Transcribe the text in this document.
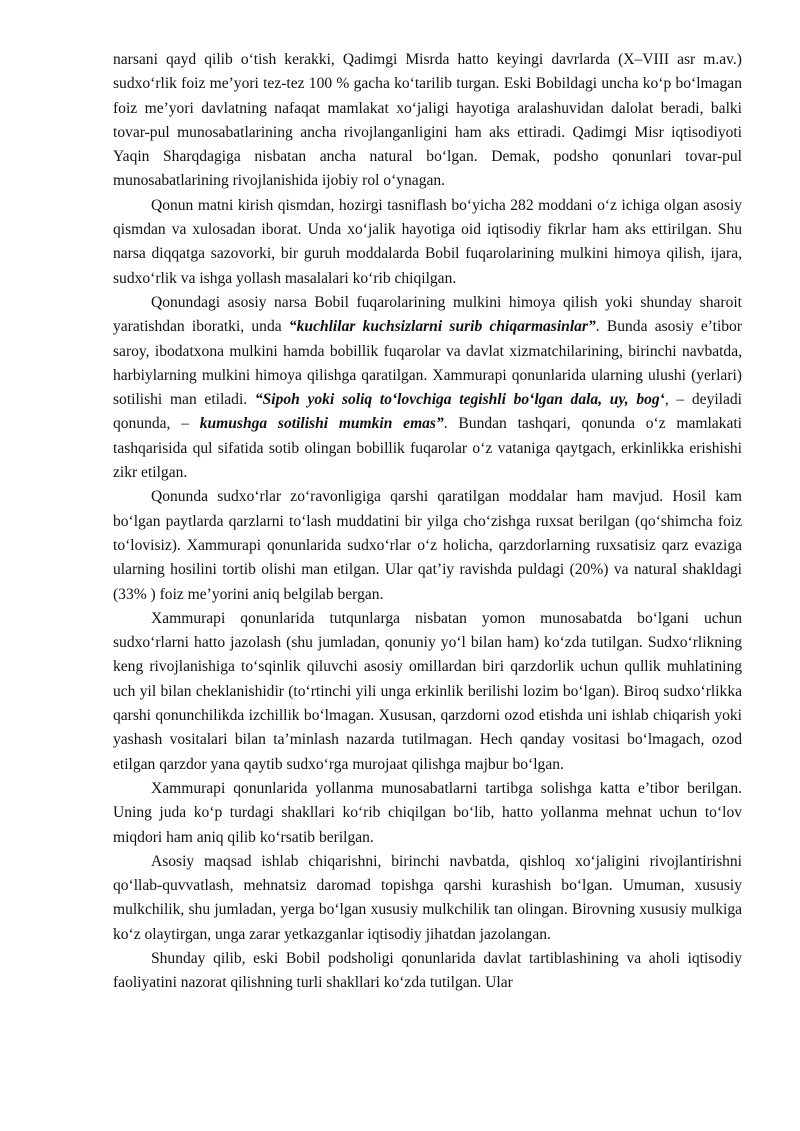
narsani qayd qilib o‘tish kerakki, Qadimgi Misrda hatto keyingi davrlarda (X–VIII asr m.av.) sudxo‘rlik foiz me’yori tez-tez 100 % gacha ko‘tarilib turgan. Eski Bobildagi uncha ko‘p bo‘lmagan foiz me’yori davlatning nafaqat mamlakat xo‘jaligi hayotiga aralashuvidan dalolat beradi, balki tovar-pul munosabatlarining ancha rivojlanganligini ham aks ettiradi. Qadimgi Misr iqtisodiyoti Yaqin Sharqdagiga nisbatan ancha natural bo‘lgan. Demak, podsho qonunlari tovar-pul munosabatlarining rivojlanishida ijobiy rol o‘ynagan.

Qonun matni kirish qismdan, hozirgi tasniflash bo‘yicha 282 moddani o‘z ichiga olgan asosiy qismdan va xulosadan iborat. Unda xo‘jalik hayotiga oid iqtisodiy fikrlar ham aks ettirilgan. Shu narsa diqqatga sazovorki, bir guruh moddalarda Bobil fuqarolarining mulkini himoya qilish, ijara, sudxo‘rlik va ishga yollash masalalari ko‘rib chiqilgan.

Qonundagi asosiy narsa Bobil fuqarolarining mulkini himoya qilish yoki shunday sharoit yaratishdan iboratki, unda “kuchlilar kuchsizlarni surib chiqarmasinlar”. Bunda asosiy e’tibor saroy, ibodatxona mulkini hamda bobillik fuqarolar va davlat xizmatchilarining, birinchi navbatda, harbiylarning mulkini himoya qilishga qaratilgan. Xammurapi qonunlarida ularning ulushi (yerlari) sotilishi man etiladi. “Sipoh yoki soliq to‘lovchiga tegishli bo‘lgan dala, uy, bog‘, – deyiladi qonunda, – kumushga sotilishi mumkin emas”. Bundan tashqari, qonunda o‘z mamlakati tashqarisida qul sifatida sotib olingan bobillik fuqarolar o‘z vataniga qaytgach, erkinlikka erishishi zikr etilgan.

Qonunda sudxo‘rlar zo‘ravonligiga qarshi qaratilgan moddalar ham mavjud. Hosil kam bo‘lgan paytlarda qarzlarni to‘lash muddatini bir yilga cho‘zishga ruxsat berilgan (qo‘shimcha foiz to‘lovisiz). Xammurapi qonunlarida sudxo‘rlar o‘z holicha, qarzdorlarning ruxsatisiz qarz evaziga ularning hosilini tortib olishi man etilgan. Ular qat’iy ravishda puldagi (20%) va natural shakldagi (33% ) foiz me’yorini aniq belgilab bergan.

Xammurapi qonunlarida tutqunlarga nisbatan yomon munosabatda bo‘lgani uchun sudxo‘rlarni hatto jazolash (shu jumladan, qonuniy yo‘l bilan ham) ko‘zda tutilgan. Sudxo‘rlikning keng rivojlanishiga to‘sqinlik qiluvchi asosiy omillardan biri qarzdorlik uchun qullik muhlatining uch yil bilan cheklanishidir (to‘rtinchi yili unga erkinlik berilishi lozim bo‘lgan). Biroq sudxo‘rlikka qarshi qonunchilikda izchillik bo‘lmagan. Xususan, qarzdorni ozod etishda uni ishlab chiqarish yoki yashash vositalari bilan ta’minlash nazarda tutilmagan. Hech qanday vositasi bo‘lmagach, ozod etilgan qarzdor yana qaytib sudxo‘rga murojaat qilishga majbur bo‘lgan.

Xammurapi qonunlarida yollanma munosabatlarni tartibga solishga katta e’tibor berilgan. Uning juda ko‘p turdagi shakllari ko‘rib chiqilgan bo‘lib, hatto yollanma mehnat uchun to‘lov miqdori ham aniq qilib ko‘rsatib berilgan.

Asosiy maqsad ishlab chiqarishni, birinchi navbatda, qishloq xo‘jaligini rivojlantirishni qo‘llab-quvvatlash, mehnatsiz daromad topishga qarshi kurashish bo‘lgan. Umuman, xususiy mulkchilik, shu jumladan, yerga bo‘lgan xususiy mulkchilik tan olingan. Birovning xususiy mulkiga ko‘z olaytirgan, unga zarar yetkazganlar iqtisodiy jihatdan jazolangan.

Shunday qilib, eski Bobil podsholigi qonunlarida davlat tartiblashining va aholi iqtisodiy faoliyatini nazorat qilishning turli shakllari ko‘zda tutilgan. Ular
